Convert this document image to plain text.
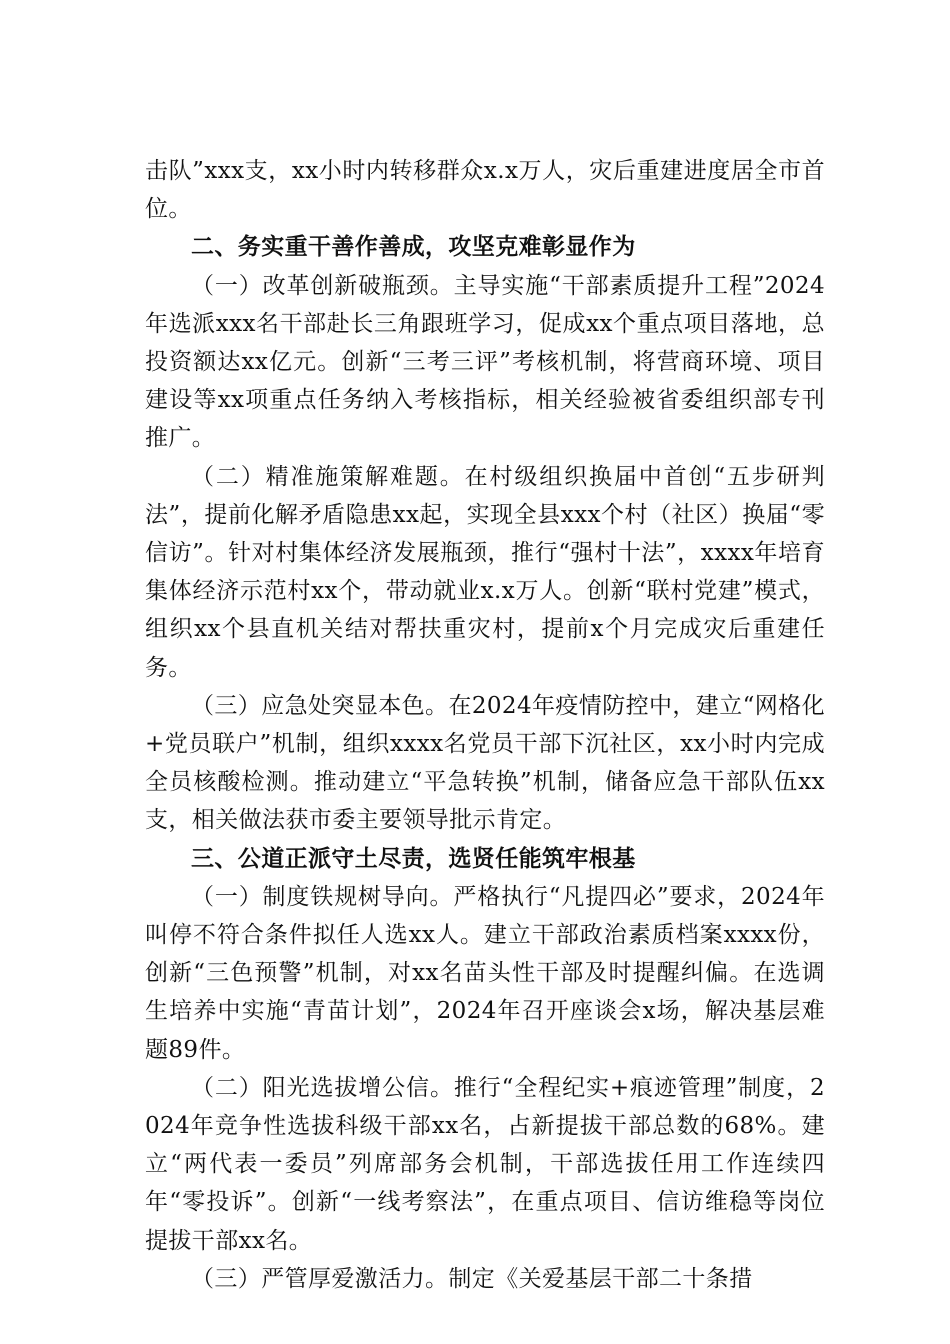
击队”xxx支，xx小时内转移群众x.x万人，灾后重建进度居全市首位。

二、务实重干善作善成，攻坚克难彰显作为

（一）改革创新破瓶颈。主导实施“干部素质提升工程”2024年选派xxx名干部赴长三角跟班学习，促成xx个重点项目落地，总投资额达xx亿元。创新“三考三评”考核机制，将营商环境、项目建设等xx项重点任务纳入考核指标，相关经验被省委组织部专刊推广。

（二）精准施策解难题。在村级组织换届中首创“五步研判法”，提前化解矛盾隐患xx起，实现全县xxx个村（社区）换届“零信访”。针对村集体经济发展瓶颈，推行“强村十法”，xxxx年培育集体经济示范村xx个，带动就业x.x万人。创新“联村党建”模式，组织xx个县直机关结对帮扶重灾村，提前x个月完成灾后重建任务。

（三）应急处突显本色。在2024年疫情防控中，建立“网格化+党员联户”机制，组织xxxx名党员干部下沉社区，xx小时内完成全员核酸检测。推动建立“平急转换”机制，储备应急干部队伍xx支，相关做法获市委主要领导批示肯定。

三、公道正派守土尽责，选贤任能筑牢根基

（一）制度铁规树导向。严格执行“凡提四必”要求，2024年叫停不符合条件拟任人选xx人。建立干部政治素质档案xxxx份，创新“三色预警”机制，对xx名苗头性干部及时提醒纠偏。在选调生培养中实施“青苗计划”，2024年召开座谈会x场，解决基层难题89件。

（二）阳光选拔增公信。推行“全程纪实+痕迹管理”制度，2024年竞争性选拔科级干部xx名，占新提拔干部总数的68%。建立“两代表一委员”列席部务会机制，干部选拔任用工作连续四年“零投诉”。创新“一线考察法”，在重点项目、信访维稳等岗位提拔干部xx名。

（三）严管厚爱激活力。制定《关爱基层干部二十条措
